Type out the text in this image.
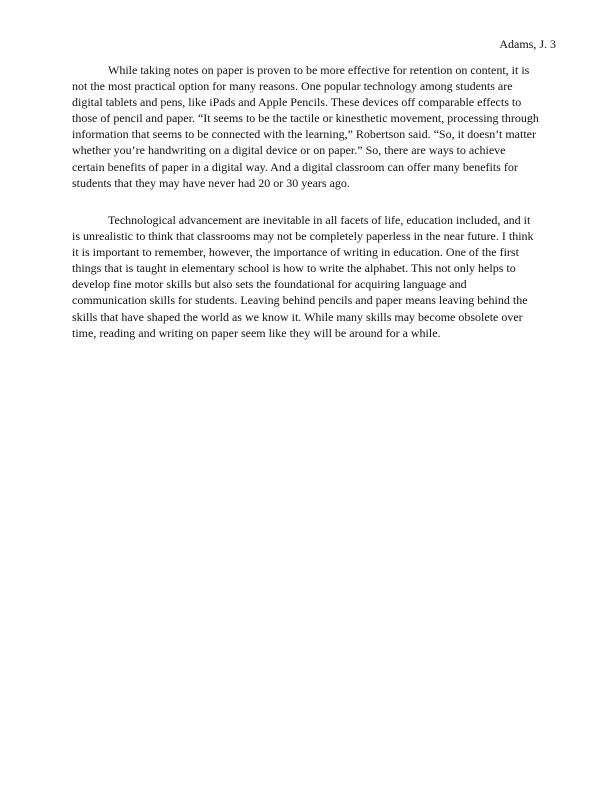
Adams, J. 3
While taking notes on paper is proven to be more effective for retention on content, it is
not the most practical option for many reasons. One popular technology among students are
digital tablets and pens, like iPads and Apple Pencils. These devices off comparable effects to
those of pencil and paper. “It seems to be the tactile or kinesthetic movement, processing through
information that seems to be connected with the learning,” Robertson said. “So, it doesn’t matter
whether you’re handwriting on a digital device or on paper.” So, there are ways to achieve
certain benefits of paper in a digital way. And a digital classroom can offer many benefits for
students that they may have never had 20 or 30 years ago.
Technological advancement are inevitable in all facets of life, education included, and it
is unrealistic to think that classrooms may not be completely paperless in the near future. I think
it is important to remember, however, the importance of writing in education. One of the first
things that is taught in elementary school is how to write the alphabet. This not only helps to
develop fine motor skills but also sets the foundational for acquiring language and
communication skills for students. Leaving behind pencils and paper means leaving behind the
skills that have shaped the world as we know it. While many skills may become obsolete over
time, reading and writing on paper seem like they will be around for a while.
